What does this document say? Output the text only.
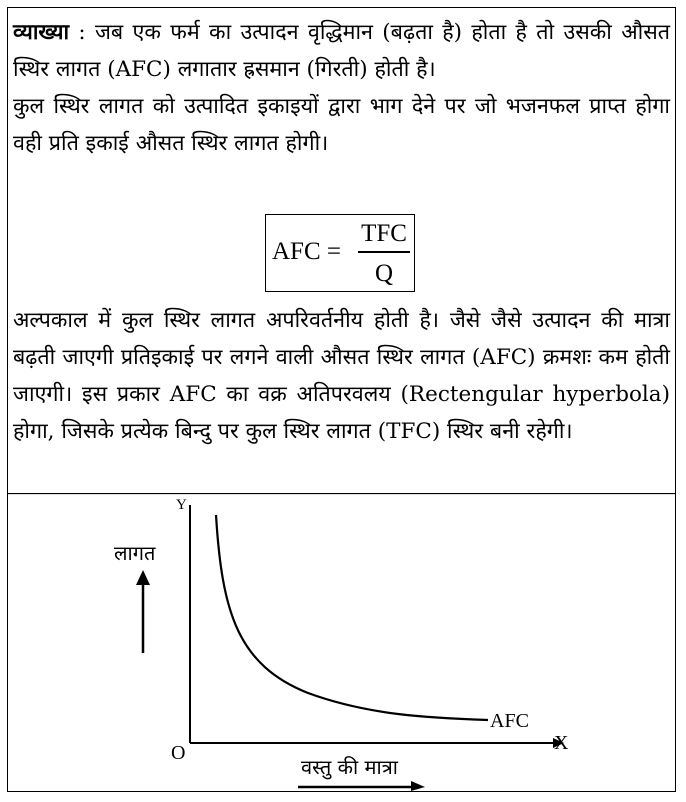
व्याख्या : जब एक फर्म का उत्पादन वृद्धिमान (बढ़ता है) होता है तो उसकी औसत स्थिर लागत (AFC) लगातार ह्रसमान (गिरती) होती है।

कुल स्थिर लागत को उत्पादित इकाइयों द्वारा भाग देने पर जो भजनफल प्राप्त होगा वही प्रति इकाई औसत स्थिर लागत होगी।

AFC =
TFC
Q

अल्पकाल में कुल स्थिर लागत अपरिवर्तनीय होती है। जैसे जैसे उत्पादन की मात्रा बढ़ती जाएगी प्रतिइकाई पर लगने वाली औसत स्थिर लागत (AFC) क्रमशः कम होती जाएगी। इस प्रकार AFC का वक्र अतिपरवलय (Rectengular hyperbola) होगा, जिसके प्रत्येक बिन्दु पर कुल स्थिर लागत (TFC) स्थिर बनी रहेगी।

Y
X
O
लागत
AFC
वस्तु की मात्रा
